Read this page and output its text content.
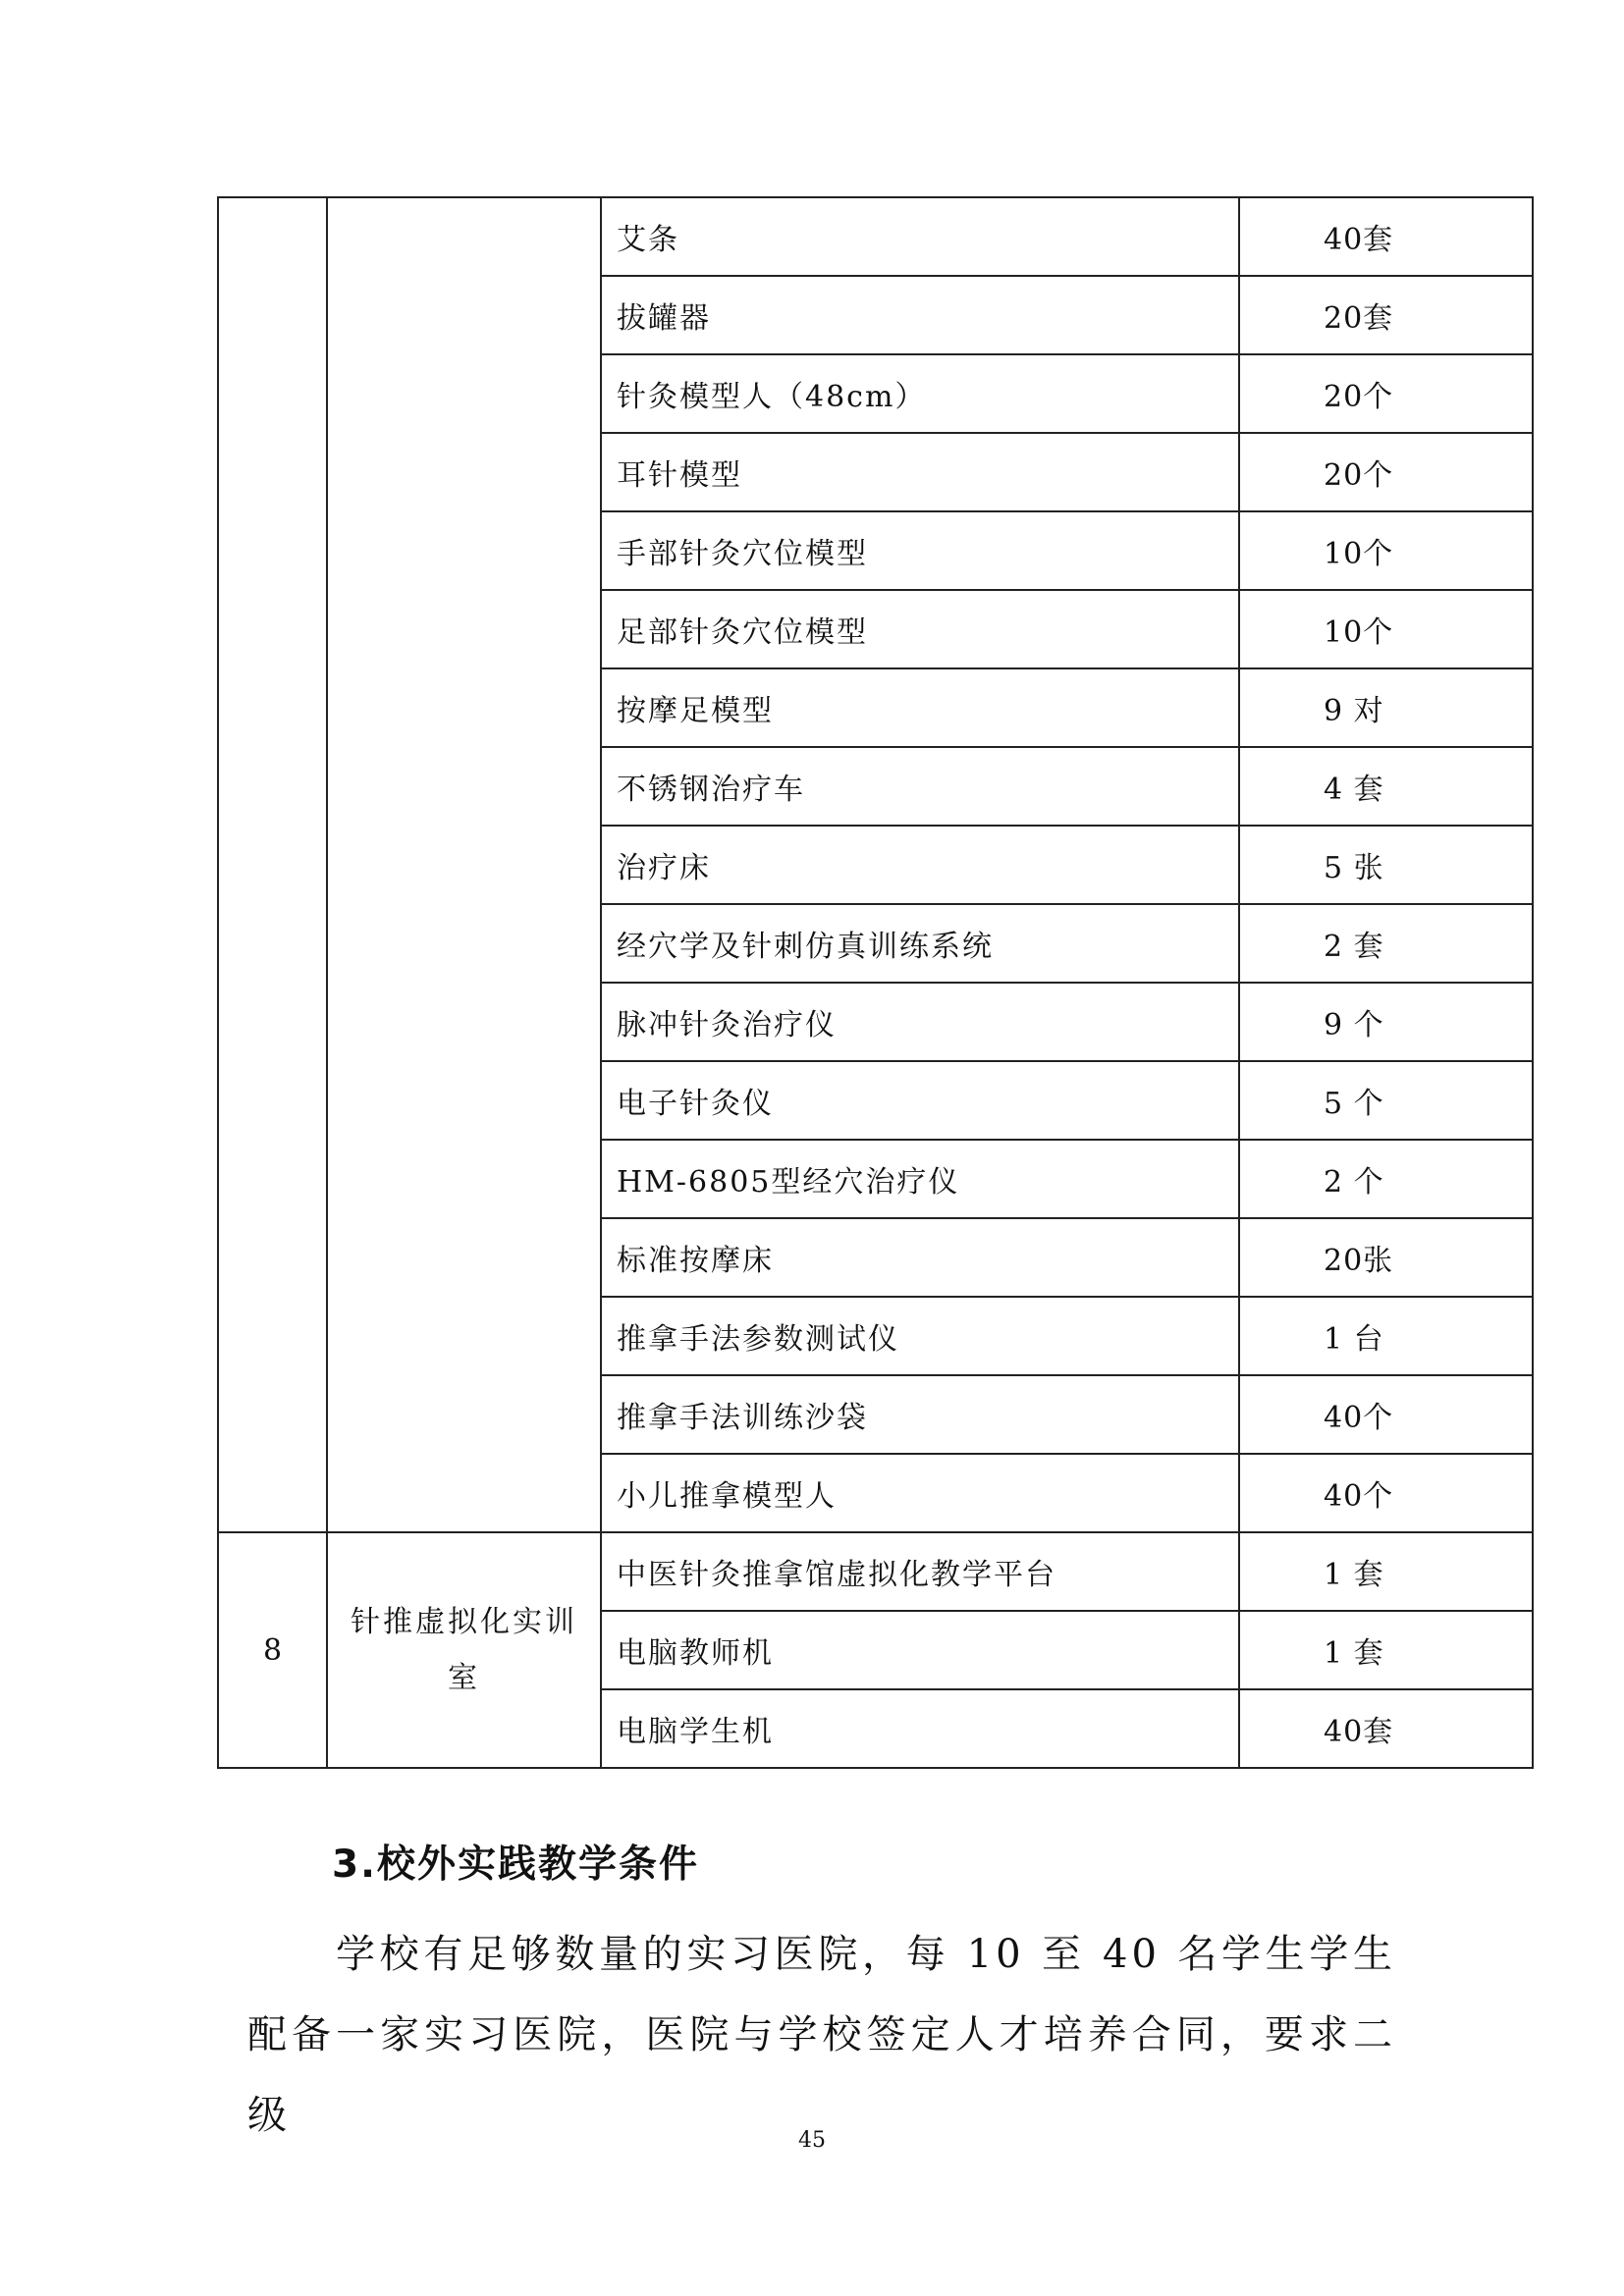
		艾条	40套
		拔罐器	20套
		针灸模型人（48cm）	20个
		耳针模型	20个
		手部针灸穴位模型	10个
		足部针灸穴位模型	10个
		按摩足模型	9 对
		不锈钢治疗车	4 套
		治疗床	5 张
		经穴学及针刺仿真训练系统	2 套
		脉冲针灸治疗仪	9 个
		电子针灸仪	5 个
		HM-6805型经穴治疗仪	2 个
		标准按摩床	20张
		推拿手法参数测试仪	1 台
		推拿手法训练沙袋	40个
		小儿推拿模型人	40个
8	针推虚拟化实训室	中医针灸推拿馆虚拟化教学平台	1 套
		电脑教师机	1 套
		电脑学生机	40套
3.校外实践教学条件

学校有足够数量的实习医院，每 10 至 40 名学生学生配备一家实习医院，医院与学校签定人才培养合同，要求二级

45
